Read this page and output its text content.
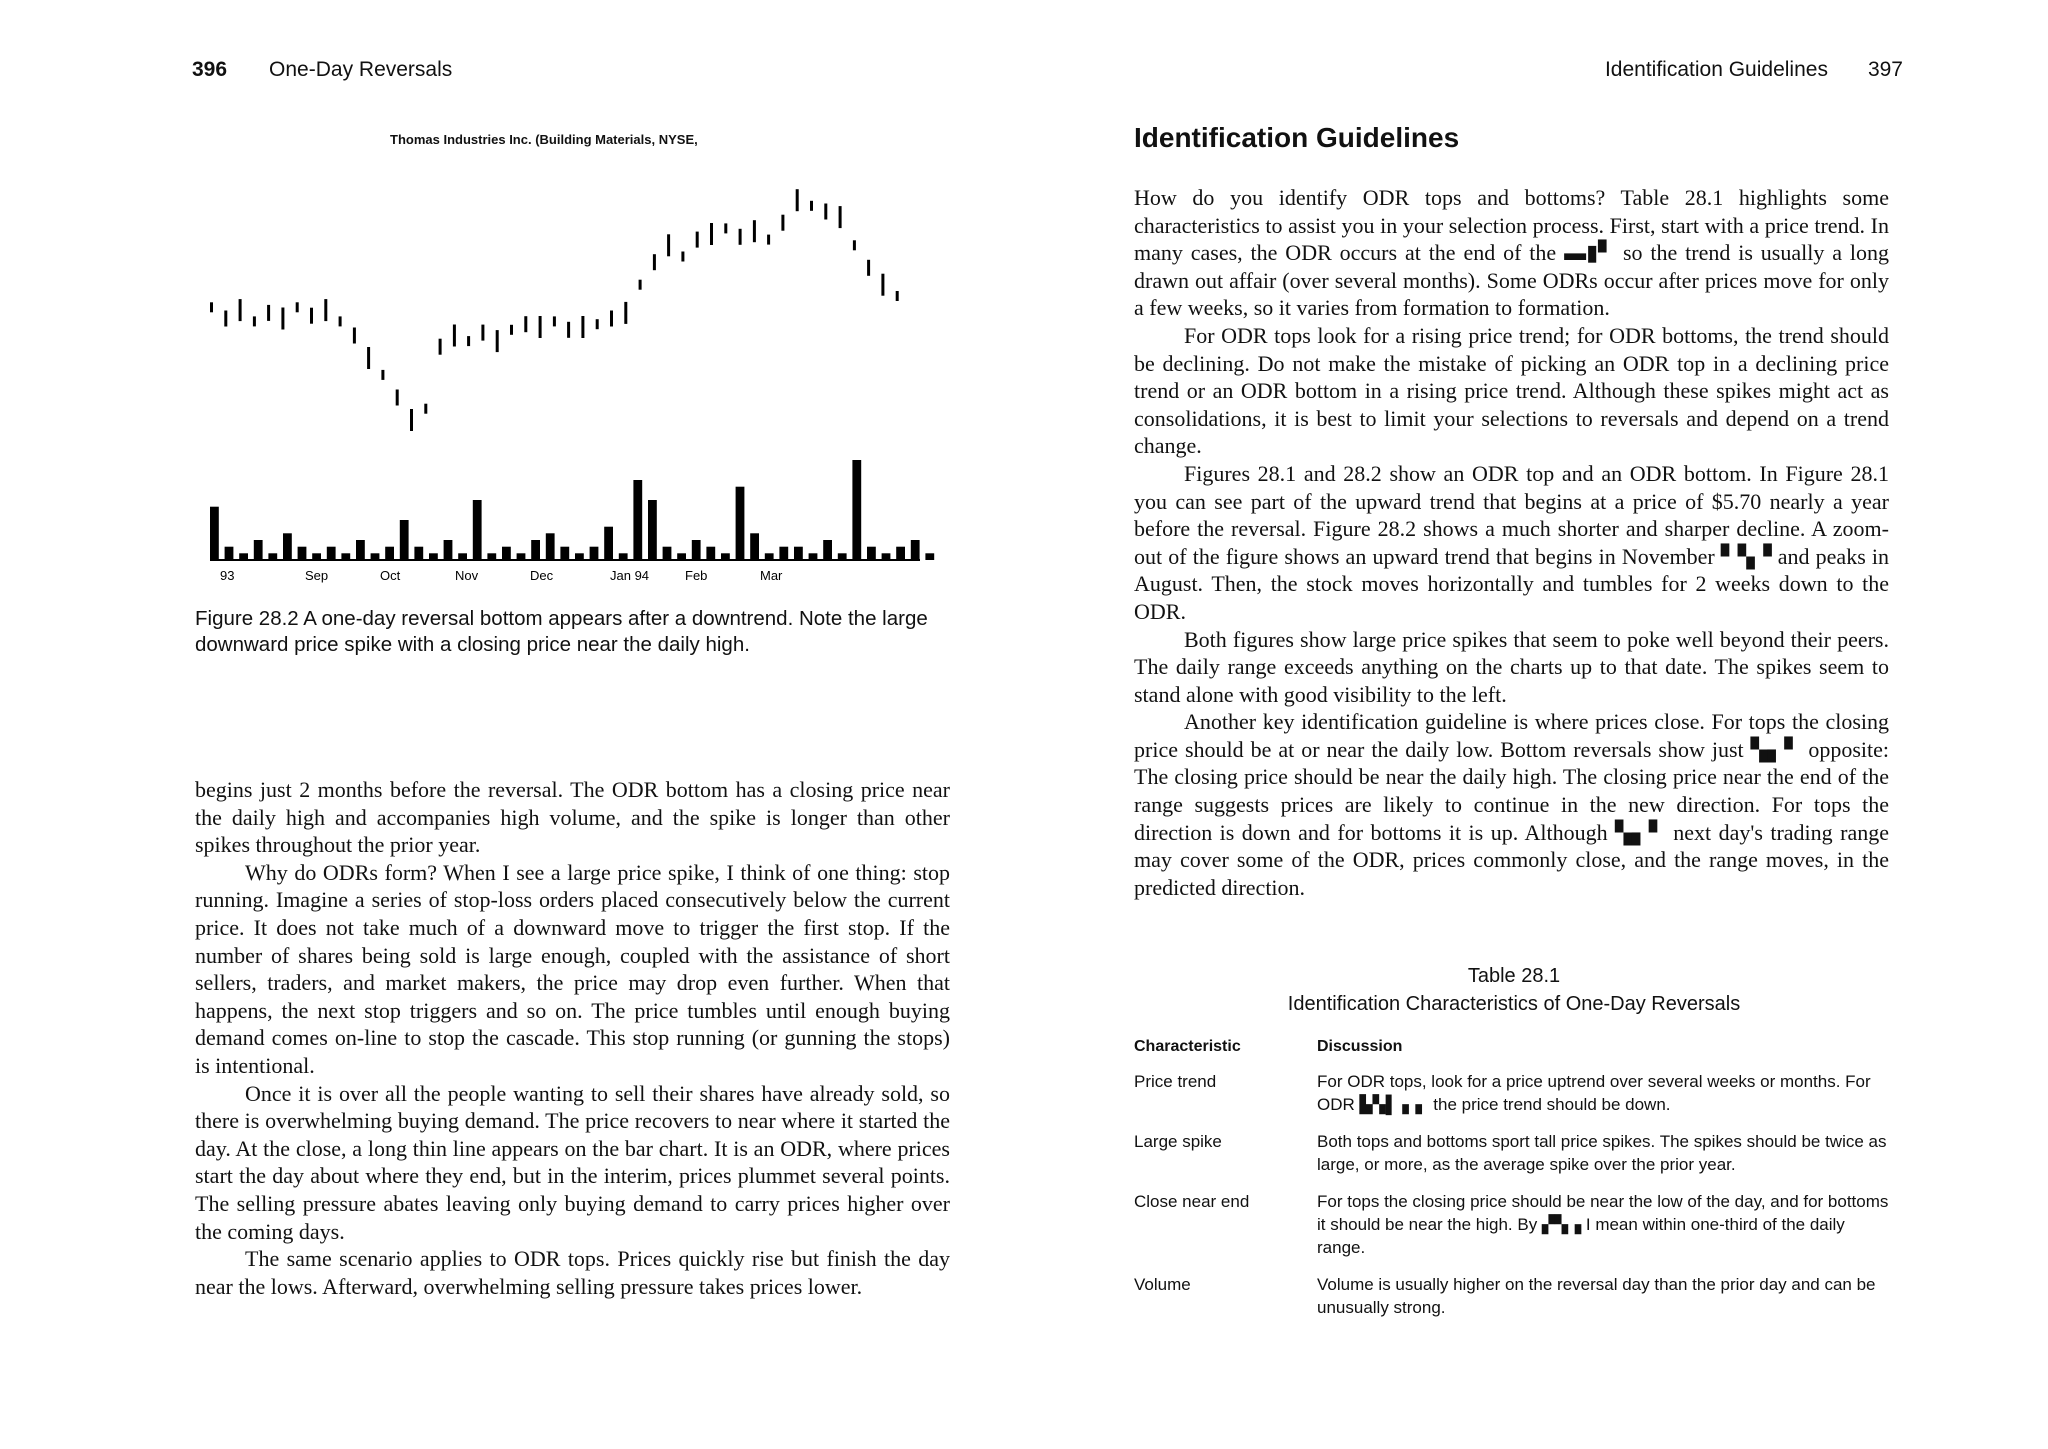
396 One-Day Reversals
93	Sep	Oct	Nov	Dec	Jan 94	Feb	Mar
Thomas Industries Inc. (Building Materials, NYSE,
Figure 28.2 A one-day reversal bottom appears after a downtrend. Note the large downward price spike with a closing price near the daily high.

begins just 2 months before the reversal. The ODR bottom has a closing price near the daily high and accompanies high volume, and the spike is longer than other spikes throughout the prior year.

Why do ODRs form? When I see a large price spike, I think of one thing: stop running. Imagine a series of stop-loss orders placed consecutively below the current price. It does not take much of a downward move to trigger the first stop. If the number of shares being sold is large enough, coupled with the assistance of short sellers, traders, and market makers, the price may drop even further. When that happens, the next stop triggers and so on. The price tumbles until enough buying demand comes on-line to stop the cascade. This stop running (or gunning the stops) is intentional.

Once it is over all the people wanting to sell their shares have already sold, so there is overwhelming buying demand. The price recovers to near where it started the day. At the close, a long thin line appears on the bar chart. It is an ODR, where prices start the day about where they end, but in the interim, prices plummet several points. The selling pressure abates leaving only buying demand to carry prices higher over the coming days.

The same scenario applies to ODR tops. Prices quickly rise but finish the day near the lows. Afterward, overwhelming selling pressure takes prices lower.

Identification Guidelines 397
Identification Guidelines

How do you identify ODR tops and bottoms? Table 28.1 highlights some characteristics to assist you in your selection process. First, start with a price trend. In many cases, the ODR occurs at the end of the ▬▮▘ so the trend is usually a long drawn out affair (over several months). Some ODRs occur after prices move for only a few weeks, so it varies from formation to formation.

For ODR tops look for a rising price trend; for ODR bottoms, the trend should be declining. Do not make the mistake of picking an ODR top in a declining price trend or an ODR bottom in a rising price trend. Although these spikes might act as consolidations, it is best to limit your selections to reversals and depend on a trend change.

Figures 28.1 and 28.2 show an ODR top and an ODR bottom. In Figure 28.1 you can see part of the upward trend that begins at a price of $5.70 nearly a year before the reversal. Figure 28.2 shows a much shorter and sharper decline. A zoom-out of the figure shows an upward trend that begins in November ▘▚▝ and peaks in August. Then, the stock moves horizontally and tumbles for 2 weeks down to the ODR.

Both figures show large price spikes that seem to poke well beyond their peers. The daily range exceeds anything on the charts up to that date. The spikes seem to stand alone with good visibility to the left.

Another key identification guideline is where prices close. For tops the closing price should be at or near the daily low. Bottom reversals show just ▚▖▘ opposite: The closing price should be near the daily high. The closing price near the end of the range suggests prices are likely to continue in the new direction. For tops the direction is down and for bottoms it is up. Although ▚▖▘ next day's trading range may cover some of the ODR, prices commonly close, and the range moves, in the predicted direction.

Table 28.1
Identification Characteristics of One-Day Reversals
Characteristic	Discussion
Price trend	For ODR tops, look for a price uptrend over several weeks or months. For ODR ▙▚▌ ▖▖ the price trend should be down.
Large spike	Both tops and bottoms sport tall price spikes. The spikes should be twice as large, or more, as the average spike over the prior year.
Close near end	For tops the closing price should be near the low of the day, and for bottoms it should be near the high. By ▞▚▗ I mean within one-third of the daily range.
Volume	Volume is usually higher on the reversal day than the prior day and can be unusually strong.
